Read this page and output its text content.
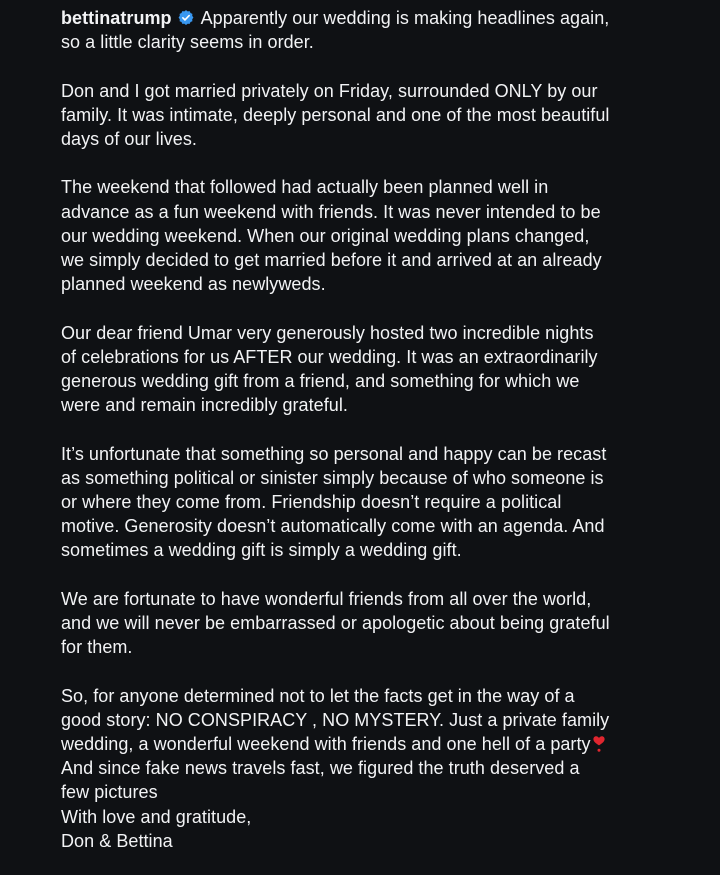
bettinatrump Apparently our wedding is making headlines again,
so a little clarity seems in order.
Don and I got married privately on Friday, surrounded ONLY by our
family. It was intimate, deeply personal and one of the most beautiful
days of our lives.
The weekend that followed had actually been planned well in
advance as a fun weekend with friends. It was never intended to be
our wedding weekend. When our original wedding plans changed,
we simply decided to get married before it and arrived at an already
planned weekend as newlyweds.
Our dear friend Umar very generously hosted two incredible nights
of celebrations for us AFTER our wedding. It was an extraordinarily
generous wedding gift from a friend, and something for which we
were and remain incredibly grateful.
It’s unfortunate that something so personal and happy can be recast
as something political or sinister simply because of who someone is
or where they come from. Friendship doesn’t require a political
motive. Generosity doesn’t automatically come with an agenda. And
sometimes a wedding gift is simply a wedding gift.
We are fortunate to have wonderful friends from all over the world,
and we will never be embarrassed or apologetic about being grateful
for them.
So, for anyone determined not to let the facts get in the way of a
good story: NO CONSPIRACY , NO MYSTERY. Just a private family
wedding, a wonderful weekend with friends and one hell of a party
And since fake news travels fast, we figured the truth deserved a
few pictures
With love and gratitude,
Don & Bettina
